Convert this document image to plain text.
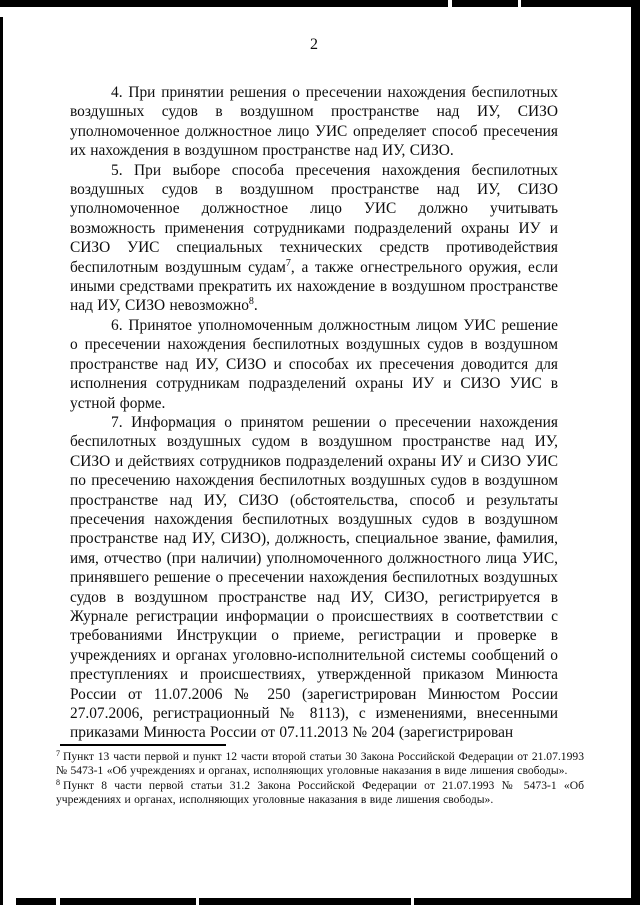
2

4. При принятии решения о пресечении нахождения беспилотных воздушных судов в воздушном пространстве над ИУ, СИЗО уполномоченное должностное лицо УИС определяет способ пресечения их нахождения в воздушном пространстве над ИУ, СИЗО.

5. При выборе способа пресечения нахождения беспилотных воздушных судов в воздушном пространстве над ИУ, СИЗО уполномоченное должностное лицо УИС должно учитывать возможность применения сотрудниками подразделений охраны ИУ и СИЗО УИС специальных технических средств противодействия беспилотным воздушным судам$^7$, а также огнестрельного оружия, если иными средствами прекратить их нахождение в воздушном пространстве над ИУ, СИЗО невозможно$^8$.

6. Принятое уполномоченным должностным лицом УИС решение о пресечении нахождения беспилотных воздушных судов в воздушном пространстве над ИУ, СИЗО и способах их пресечения доводится для исполнения сотрудникам подразделений охраны ИУ и СИЗО УИС в устной форме.

7. Информация о принятом решении о пресечении нахождения беспилотных воздушных судом в воздушном пространстве над ИУ, СИЗО и действиях сотрудников подразделений охраны ИУ и СИЗО УИС по пресечению нахождения беспилотных воздушных судов в воздушном пространстве над ИУ, СИЗО (обстоятельства, способ и результаты пресечения нахождения беспилотных воздушных судов в воздушном пространстве над ИУ, СИЗО), должность, специальное звание, фамилия, имя, отчество (при наличии) уполномоченного должностного лица УИС, принявшего решение о пресечении нахождения беспилотных воздушных судов в воздушном пространстве над ИУ, СИЗО, регистрируется в Журнале регистрации информации о происшествиях в соответствии с требованиями Инструкции о приеме, регистрации и проверке в учреждениях и органах уголовно-исполнительной системы сообщений о преступлениях и происшествиях, утвержденной приказом Минюста России от 11.07.2006 № 250 (зарегистрирован Минюстом России 27.07.2006, регистрационный № 8113), с изменениями, внесенными приказами Минюста России от 07.11.2013 № 204 (зарегистрирован

$^7$ Пункт 13 части первой и пункт 12 части второй статьи 30 Закона Российской Федерации от 21.07.1993 № 5473-1 «Об учреждениях и органах, исполняющих уголовные наказания в виде лишения свободы».
$^8$ Пункт 8 части первой статьи 31.2 Закона Российской Федерации от 21.07.1993 № 5473-1 «Об учреждениях и органах, исполняющих уголовные наказания в виде лишения свободы».
